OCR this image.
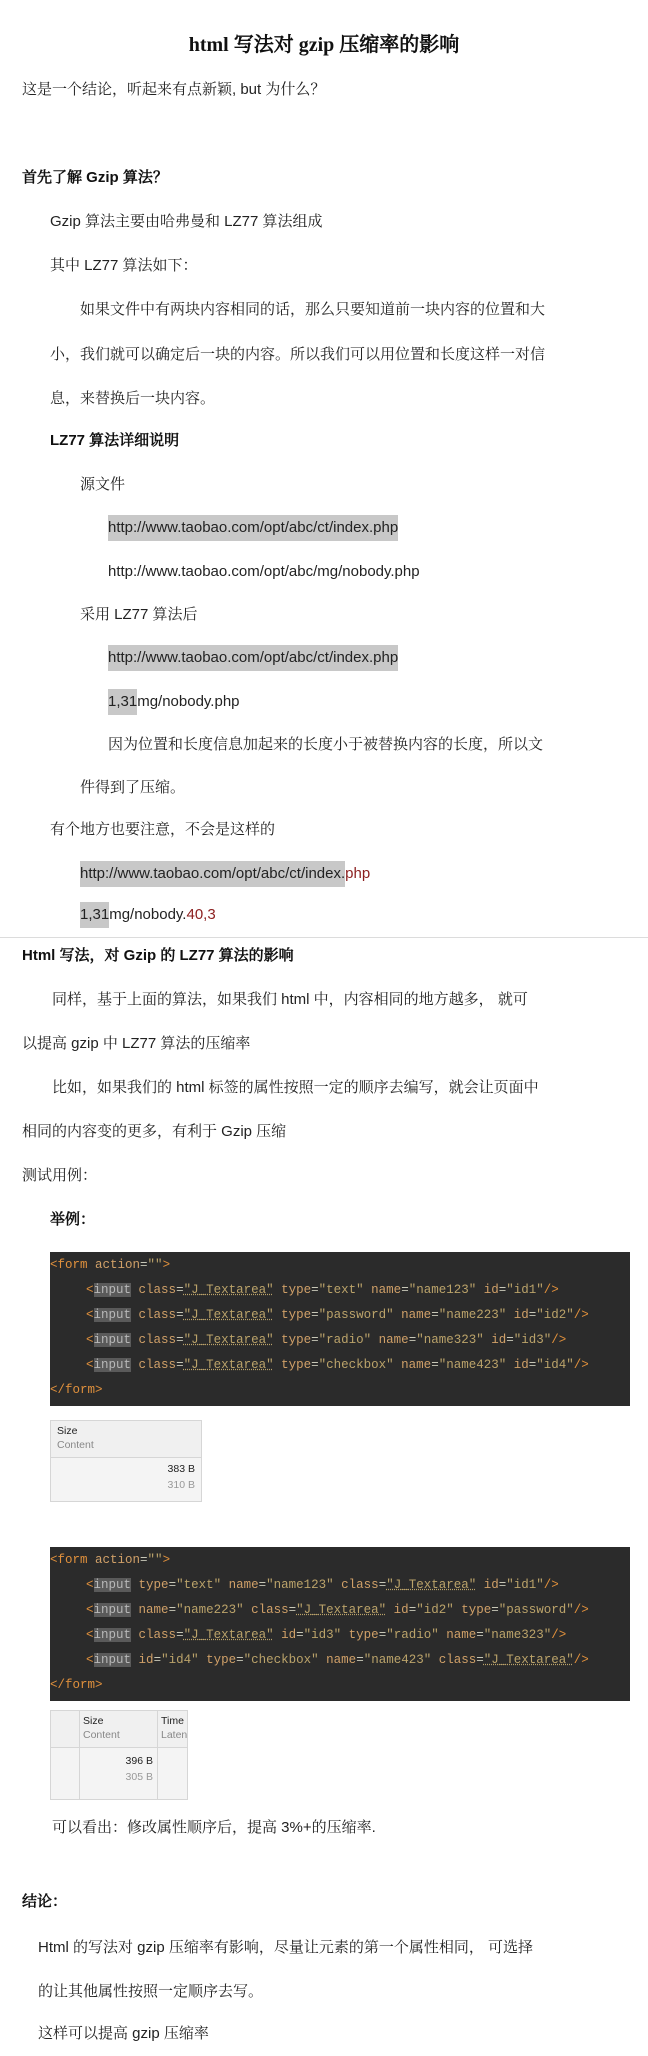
html 写法对 gzip 压缩率的影响
这是一个结论，听起来有点新颖, but 为什么？
首先了解 Gzip 算法？
Gzip 算法主要由哈弗曼和 LZ77 算法组成
其中 LZ77 算法如下：
如果文件中有两块内容相同的话，那么只要知道前一块内容的位置和大
小，我们就可以确定后一块的内容。所以我们可以用位置和长度这样一对信
息，来替换后一块内容。
LZ77 算法详细说明
源文件
http://www.taobao.com/opt/abc/ct/index.php
http://www.taobao.com/opt/abc/mg/nobody.php
采用 LZ77 算法后
http://www.taobao.com/opt/abc/ct/index.php
1,31mg/nobody.php
因为位置和长度信息加起来的长度小于被替换内容的长度，所以文
件得到了压缩。
有个地方也要注意，不会是这样的
http://www.taobao.com/opt/abc/ct/index.php
1,31mg/nobody.40,3
Html 写法，对 Gzip 的 LZ77 算法的影响
同样，基于上面的算法，如果我们 html 中，内容相同的地方越多， 就可
以提高 gzip 中 LZ77 算法的压缩率
比如，如果我们的 html 标签的属性按照一定的顺序去编写，就会让页面中
相同的内容变的更多，有利于 Gzip 压缩
测试用例：
举例：
<form action="">
<input class="J_Textarea" type="text" name="name123" id="id1"/>
<input class="J_Textarea" type="password" name="name223" id="id2"/>
<input class="J_Textarea" type="radio" name="name323" id="id3"/>
<input class="J_Textarea" type="checkbox" name="name423" id="id4"/>
</form>
Size
Content
383 B
310 B
<form action="">
<input type="text" name="name123" class="J_Textarea" id="id1"/>
<input name="name223" class="J_Textarea" id="id2" type="password"/>
<input class="J_Textarea" id="id3" type="radio" name="name323"/>
<input id="id4" type="checkbox" name="name423" class="J_Textarea"/>
</form>
Size
Content
Time
Laten
396 B
305 B
可以看出：修改属性顺序后，提高 3%+的压缩率.
结论：
Html 的写法对 gzip 压缩率有影响，尽量让元素的第一个属性相同， 可选择
的让其他属性按照一定顺序去写。
这样可以提高 gzip 压缩率
